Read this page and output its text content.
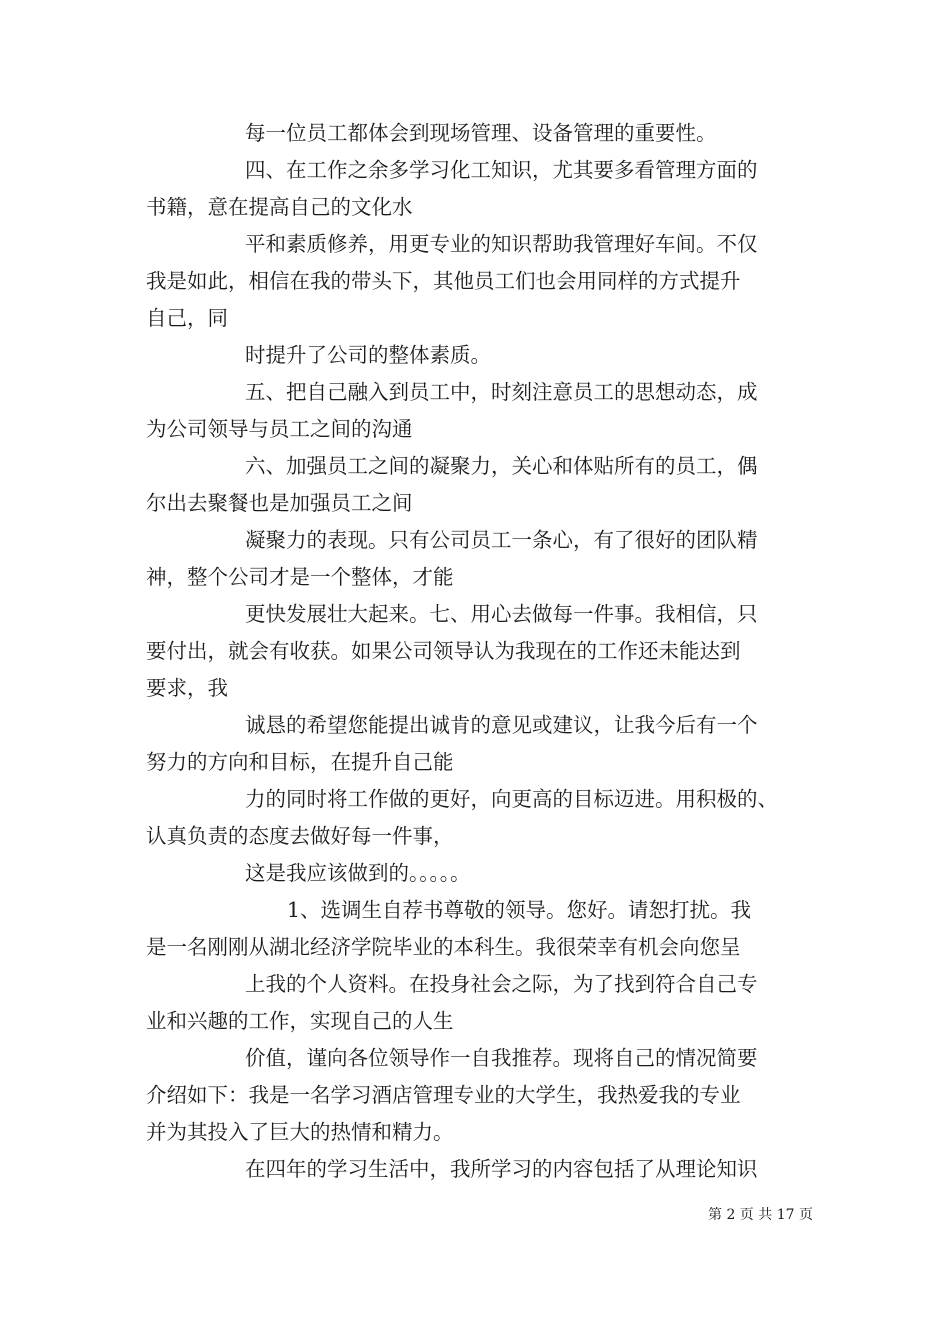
每一位员工都体会到现场管理、设备管理的重要性。
四、在工作之余多学习化工知识，尤其要多看管理方面的
书籍，意在提高自己的文化水
平和素质修养，用更专业的知识帮助我管理好车间。不仅
我是如此，相信在我的带头下，其他员工们也会用同样的方式提升
自己，同
时提升了公司的整体素质。
五、把自己融入到员工中，时刻注意员工的思想动态，成
为公司领导与员工之间的沟通
六、加强员工之间的凝聚力，关心和体贴所有的员工，偶
尔出去聚餐也是加强员工之间
凝聚力的表现。只有公司员工一条心，有了很好的团队精
神，整个公司才是一个整体，才能
更快发展壮大起来。七、用心去做每一件事。我相信，只
要付出，就会有收获。如果公司领导认为我现在的工作还未能达到
要求，我
诚恳的希望您能提出诚肯的意见或建议，让我今后有一个
努力的方向和目标，在提升自己能
力的同时将工作做的更好，向更高的目标迈进。用积极的、
认真负责的态度去做好每一件事，
这是我应该做到的。。。。。
1、选调生自荐书尊敬的领导。您好。请恕打扰。我
是一名刚刚从湖北经济学院毕业的本科生。我很荣幸有机会向您呈
上我的个人资料。在投身社会之际，为了找到符合自己专
业和兴趣的工作，实现自己的人生
价值，谨向各位领导作一自我推荐。现将自己的情况简要
介绍如下：我是一名学习酒店管理专业的大学生，我热爱我的专业
并为其投入了巨大的热情和精力。
在四年的学习生活中，我所学习的内容包括了从理论知识
第 2 页 共 17 页
